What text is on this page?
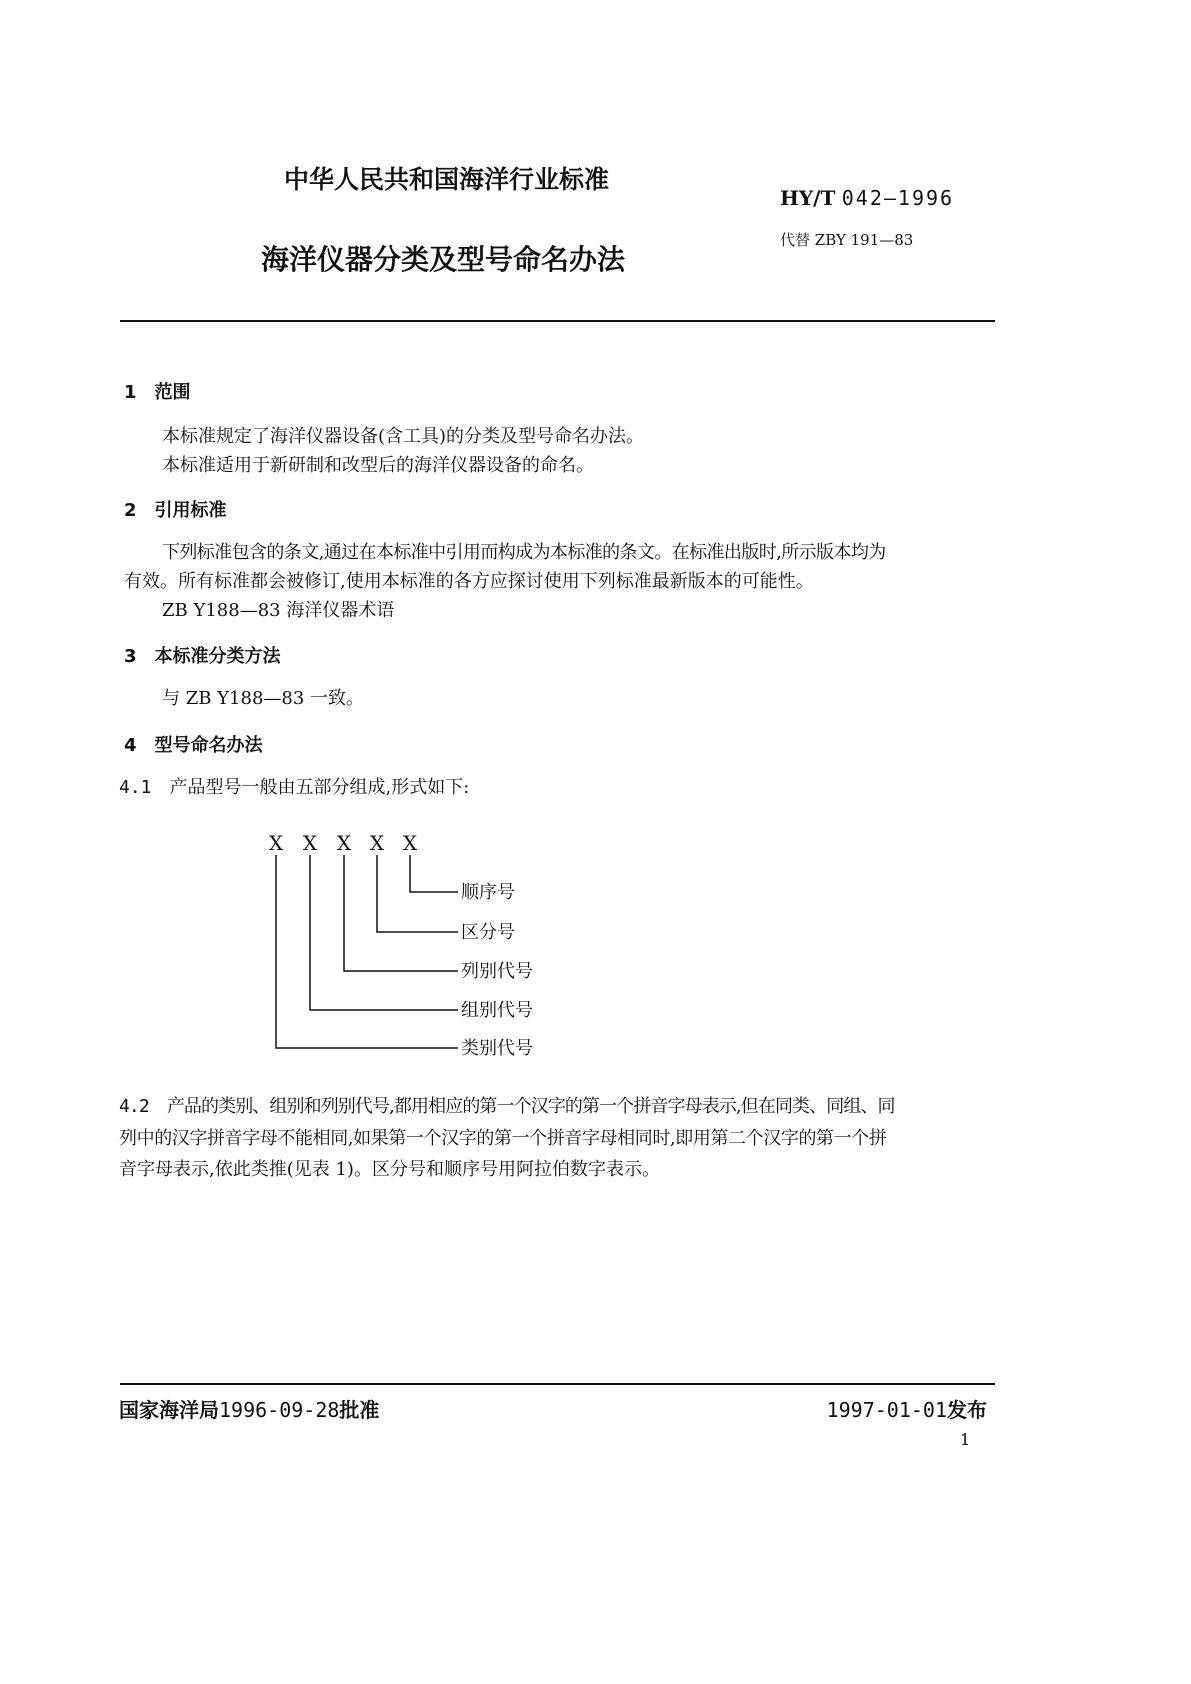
中华人民共和国海洋行业标准
HY/T 042—1996
代替 ZBY 191—83
海洋仪器分类及型号命名办法
1 范围
本标准规定了海洋仪器设备(含工具)的分类及型号命名办法。
本标准适用于新研制和改型后的海洋仪器设备的命名。
2 引用标准
下列标准包含的条文,通过在本标准中引用而构成为本标准的条文。在标准出版时,所示版本均为
有效。所有标准都会被修订,使用本标准的各方应探讨使用下列标准最新版本的可能性。
ZB Y188—83 海洋仪器术语
3 本标准分类方法
与 ZB Y188—83 一致。
4 型号命名办法
4.1 产品型号一般由五部分组成,形式如下:
X X X X X
顺序号
区分号
列别代号
组别代号
类别代号
4.2 产品的类别、组别和列别代号,都用相应的第一个汉字的第一个拼音字母表示,但在同类、同组、同
列中的汉字拼音字母不能相同,如果第一个汉字的第一个拼音字母相同时,即用第二个汉字的第一个拼
音字母表示,依此类推(见表 1)。区分号和顺序号用阿拉伯数字表示。
国家海洋局1996-09-28批准	1997-01-01发布
1
